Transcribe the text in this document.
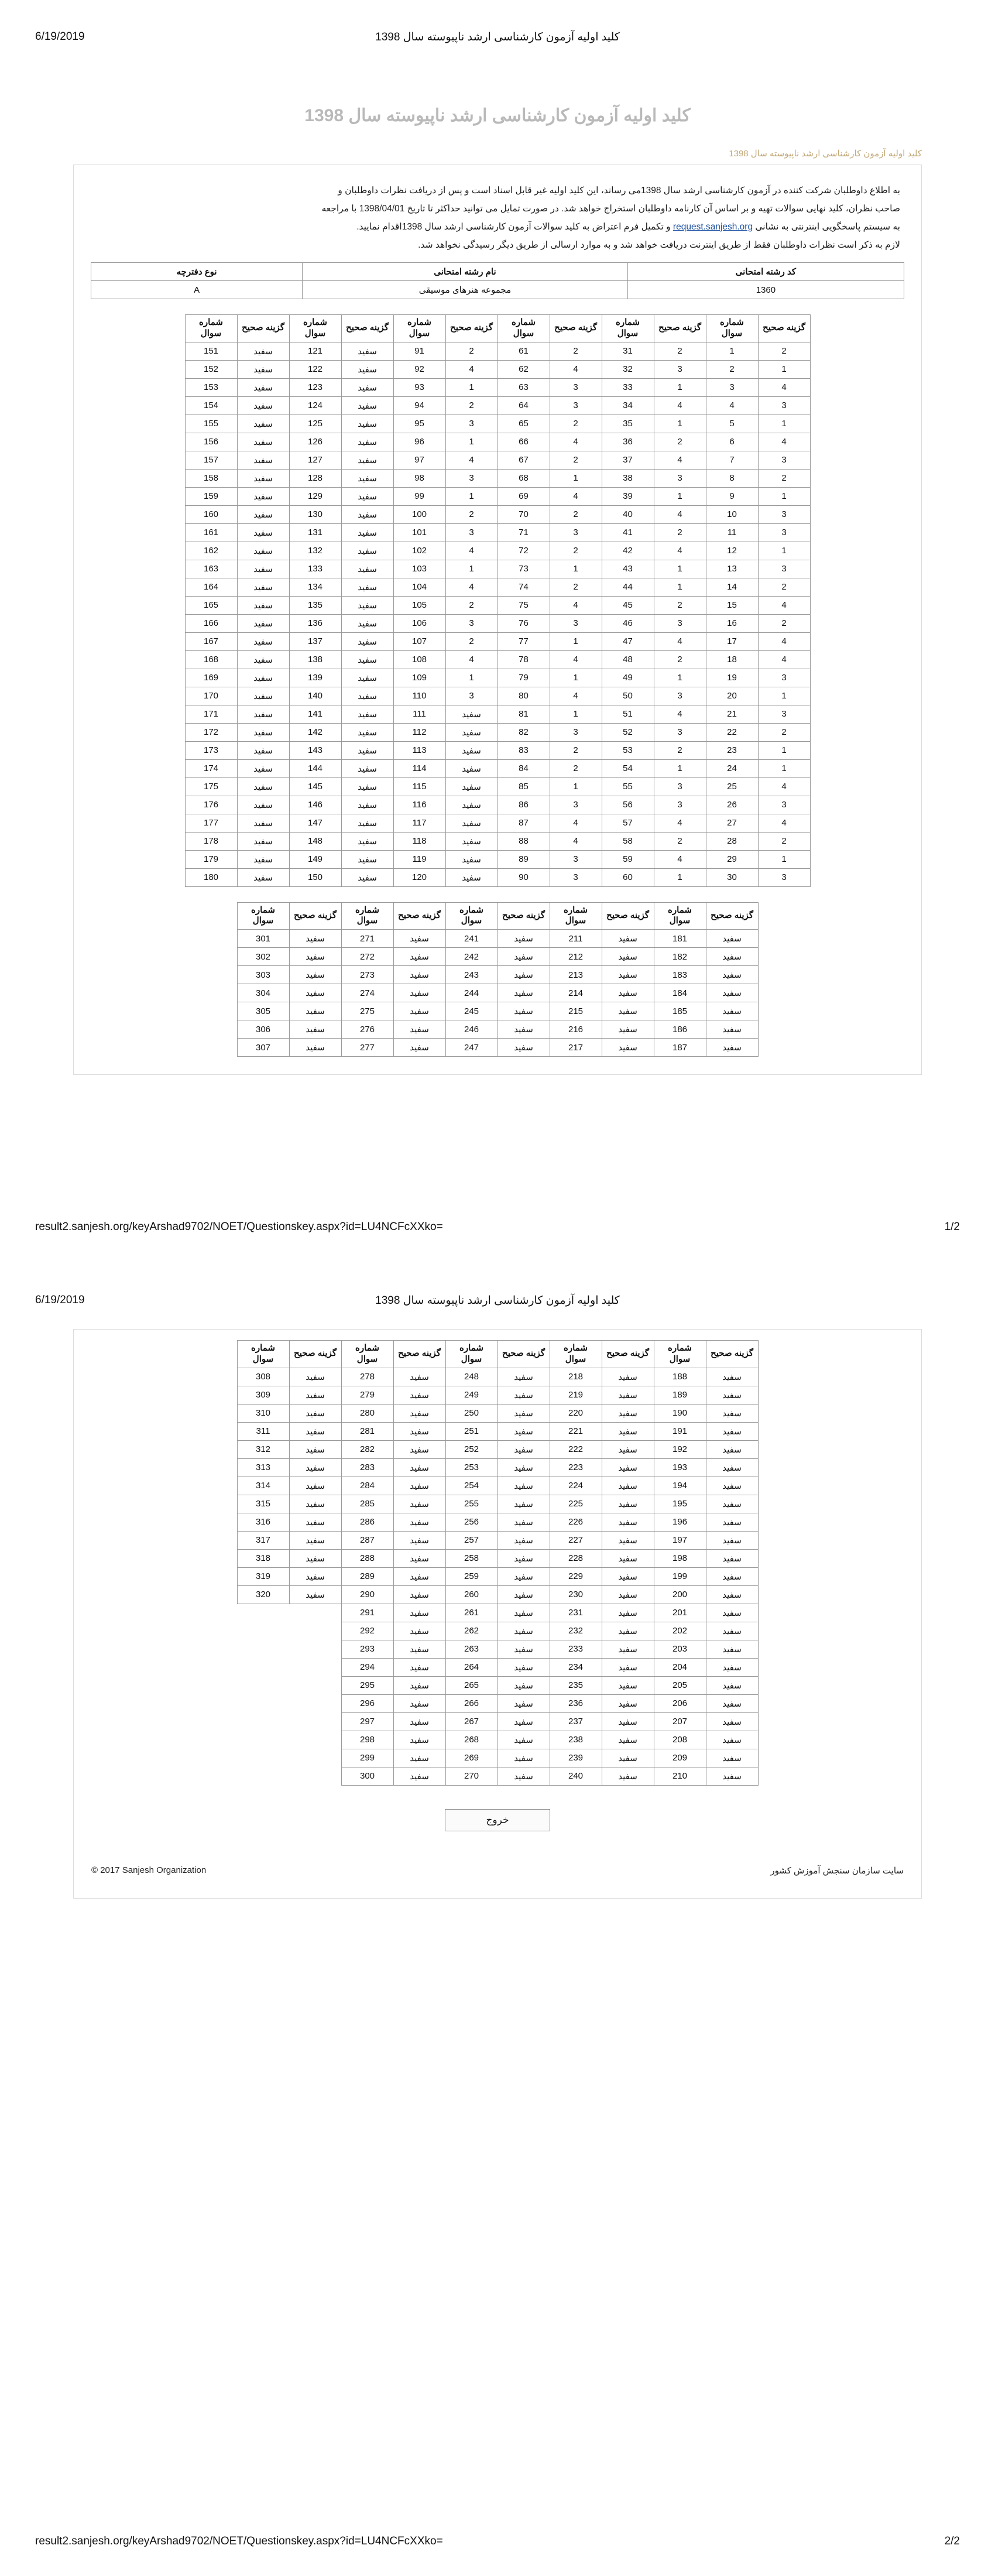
6/19/2019	کلید اولیه آزمون کارشناسی ارشد ناپیوسته سال 1398
کلید اولیه آزمون کارشناسی ارشد ناپیوسته سال 1398
کلید اولیه آزمون کارشناسی ارشد ناپیوسته سال 1398
به اطلاع داوطلبان شرکت کننده در آزمون کارشناسی ارشد سال 1398می رساند، این کلید اولیه غیر قابل اسناد است و پس از دریافت نظرات داوطلبان و
صاحب نظران، کلید نهایی سوالات تهیه و بر اساس آن کارنامه داوطلبان استخراج خواهد شد. در صورت تمایل می توانید حداکثر تا تاریخ 1398/04/01 با مراجعه
به سیستم پاسخگویی اینترنتی به نشانی request.sanjesh.org و تکمیل فرم اعتراض به کلید سوالات آزمون کارشناسی ارشد سال 1398اقدام نمایید.
لازم به ذکر است نظرات داوطلبان فقط از طریق اینترنت دریافت خواهد شد و به موارد ارسالی از طریق دیگر رسیدگی نخواهد شد.
کد رشته امتحانی	نام رشته امتحانی	نوع دفترچه
1360	مجموعه هنرهای موسیقی	A
گزینه صحیح	شماره سوال	گزینه صحیح	شماره سوال	گزینه صحیح	شماره سوال	گزینه صحیح	شماره سوال	گزینه صحیح	شماره سوال	گزینه صحیح	شماره سوال
2	1	2	31	2	61	2	91	سفید	121	سفید	151
1	2	3	32	4	62	4	92	سفید	122	سفید	152
4	3	1	33	3	63	1	93	سفید	123	سفید	153
3	4	4	34	3	64	2	94	سفید	124	سفید	154
1	5	1	35	2	65	3	95	سفید	125	سفید	155
4	6	2	36	4	66	1	96	سفید	126	سفید	156
3	7	4	37	2	67	4	97	سفید	127	سفید	157
2	8	3	38	1	68	3	98	سفید	128	سفید	158
1	9	1	39	4	69	1	99	سفید	129	سفید	159
3	10	4	40	2	70	2	100	سفید	130	سفید	160
3	11	2	41	3	71	3	101	سفید	131	سفید	161
1	12	4	42	2	72	4	102	سفید	132	سفید	162
3	13	1	43	1	73	1	103	سفید	133	سفید	163
2	14	1	44	2	74	4	104	سفید	134	سفید	164
4	15	2	45	4	75	2	105	سفید	135	سفید	165
2	16	3	46	3	76	3	106	سفید	136	سفید	166
4	17	4	47	1	77	2	107	سفید	137	سفید	167
4	18	2	48	4	78	4	108	سفید	138	سفید	168
3	19	1	49	1	79	1	109	سفید	139	سفید	169
1	20	3	50	4	80	3	110	سفید	140	سفید	170
3	21	4	51	1	81	سفید	111	سفید	141	سفید	171
2	22	3	52	3	82	سفید	112	سفید	142	سفید	172
1	23	2	53	2	83	سفید	113	سفید	143	سفید	173
1	24	1	54	2	84	سفید	114	سفید	144	سفید	174
4	25	3	55	1	85	سفید	115	سفید	145	سفید	175
3	26	3	56	3	86	سفید	116	سفید	146	سفید	176
4	27	4	57	4	87	سفید	117	سفید	147	سفید	177
2	28	2	58	4	88	سفید	118	سفید	148	سفید	178
1	29	4	59	3	89	سفید	119	سفید	149	سفید	179
3	30	1	60	3	90	سفید	120	سفید	150	سفید	180
گزینه صحیح	شماره سوال	گزینه صحیح	شماره سوال	گزینه صحیح	شماره سوال	گزینه صحیح	شماره سوال	گزینه صحیح	شماره سوال
سفید	181	سفید	211	سفید	241	سفید	271	سفید	301
سفید	182	سفید	212	سفید	242	سفید	272	سفید	302
سفید	183	سفید	213	سفید	243	سفید	273	سفید	303
سفید	184	سفید	214	سفید	244	سفید	274	سفید	304
سفید	185	سفید	215	سفید	245	سفید	275	سفید	305
سفید	186	سفید	216	سفید	246	سفید	276	سفید	306
سفید	187	سفید	217	سفید	247	سفید	277	سفید	307
result2.sanjesh.org/keyArshad9702/NOET/Questionskey.aspx?id=LU4NCFcXXko=	1/2
6/19/2019	کلید اولیه آزمون کارشناسی ارشد ناپیوسته سال 1398
گزینه صحیح	شماره سوال	گزینه صحیح	شماره سوال	گزینه صحیح	شماره سوال	گزینه صحیح	شماره سوال	گزینه صحیح	شماره سوال
سفید	188	سفید	218	سفید	248	سفید	278	سفید	308
سفید	189	سفید	219	سفید	249	سفید	279	سفید	309
سفید	190	سفید	220	سفید	250	سفید	280	سفید	310
سفید	191	سفید	221	سفید	251	سفید	281	سفید	311
سفید	192	سفید	222	سفید	252	سفید	282	سفید	312
سفید	193	سفید	223	سفید	253	سفید	283	سفید	313
سفید	194	سفید	224	سفید	254	سفید	284	سفید	314
سفید	195	سفید	225	سفید	255	سفید	285	سفید	315
سفید	196	سفید	226	سفید	256	سفید	286	سفید	316
سفید	197	سفید	227	سفید	257	سفید	287	سفید	317
سفید	198	سفید	228	سفید	258	سفید	288	سفید	318
سفید	199	سفید	229	سفید	259	سفید	289	سفید	319
سفید	200	سفید	230	سفید	260	سفید	290	سفید	320
سفید	201	سفید	231	سفید	261	سفید	291		
سفید	202	سفید	232	سفید	262	سفید	292		
سفید	203	سفید	233	سفید	263	سفید	293		
سفید	204	سفید	234	سفید	264	سفید	294		
سفید	205	سفید	235	سفید	265	سفید	295		
سفید	206	سفید	236	سفید	266	سفید	296		
سفید	207	سفید	237	سفید	267	سفید	297		
سفید	208	سفید	238	سفید	268	سفید	298		
سفید	209	سفید	239	سفید	269	سفید	299		
سفید	210	سفید	240	سفید	270	سفید	300		
خروج
سایت سازمان سنجش آموزش کشور
© 2017 Sanjesh Organization
result2.sanjesh.org/keyArshad9702/NOET/Questionskey.aspx?id=LU4NCFcXXko=	2/2
